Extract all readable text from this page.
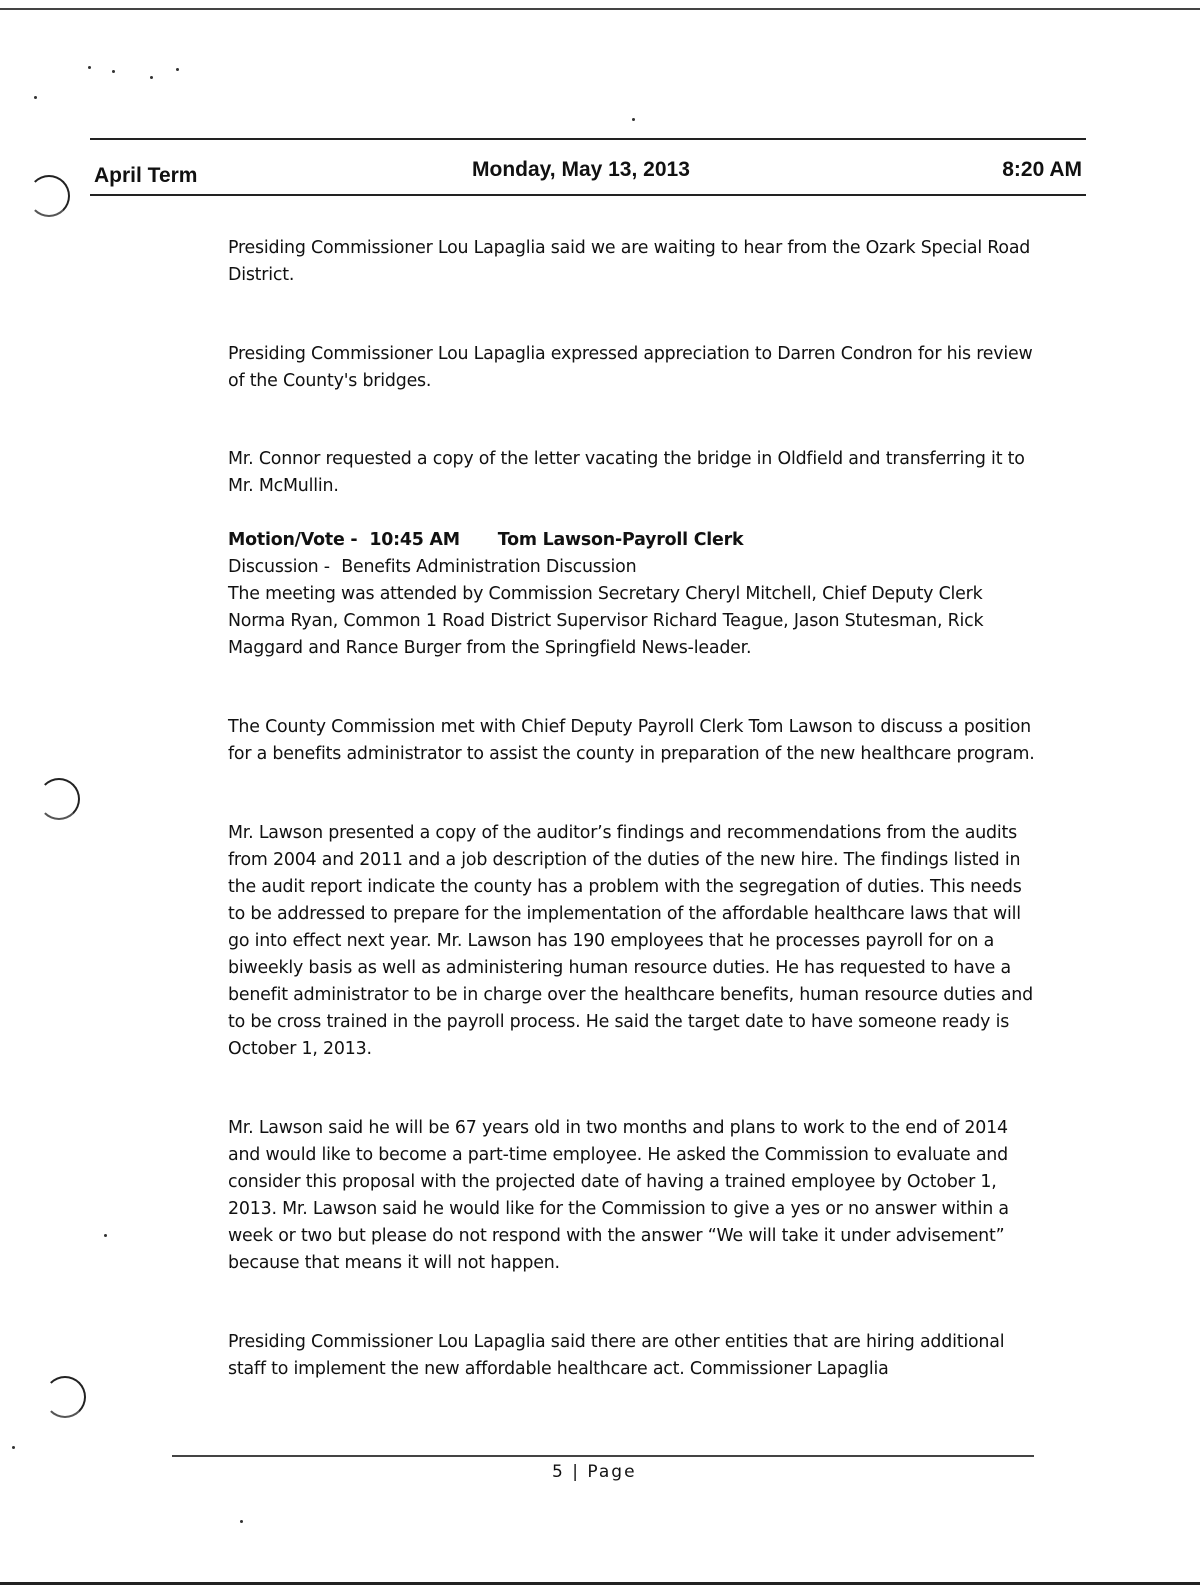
April Term	Monday, May 13, 2013	8:20 AM

Presiding Commissioner Lou Lapaglia said we are waiting to hear from the Ozark Special Road District.

Presiding Commissioner Lou Lapaglia expressed appreciation to Darren Condron for his review of the County's bridges.

Mr. Connor requested a copy of the letter vacating the bridge in Oldfield and transferring it to Mr. McMullin.

Motion/Vote - 10:45 AM Tom Lawson-Payroll Clerk
Discussion - Benefits Administration Discussion

The meeting was attended by Commission Secretary Cheryl Mitchell, Chief Deputy Clerk Norma Ryan, Common 1 Road District Supervisor Richard Teague, Jason Stutesman, Rick Maggard and Rance Burger from the Springfield News-leader.

The County Commission met with Chief Deputy Payroll Clerk Tom Lawson to discuss a position for a benefits administrator to assist the county in preparation of the new healthcare program.

Mr. Lawson presented a copy of the auditor’s findings and recommendations from the audits from 2004 and 2011 and a job description of the duties of the new hire. The findings listed in the audit report indicate the county has a problem with the segregation of duties. This needs to be addressed to prepare for the implementation of the affordable healthcare laws that will go into effect next year. Mr. Lawson has 190 employees that he processes payroll for on a biweekly basis as well as administering human resource duties. He has requested to have a benefit administrator to be in charge over the healthcare benefits, human resource duties and to be cross trained in the payroll process. He said the target date to have someone ready is October 1, 2013.

Mr. Lawson said he will be 67 years old in two months and plans to work to the end of 2014 and would like to become a part-time employee. He asked the Commission to evaluate and consider this proposal with the projected date of having a trained employee by October 1, 2013. Mr. Lawson said he would like for the Commission to give a yes or no answer within a week or two but please do not respond with the answer “We will take it under advisement” because that means it will not happen.

Presiding Commissioner Lou Lapaglia said there are other entities that are hiring additional staff to implement the new affordable healthcare act. Commissioner Lapaglia

5 | Page
